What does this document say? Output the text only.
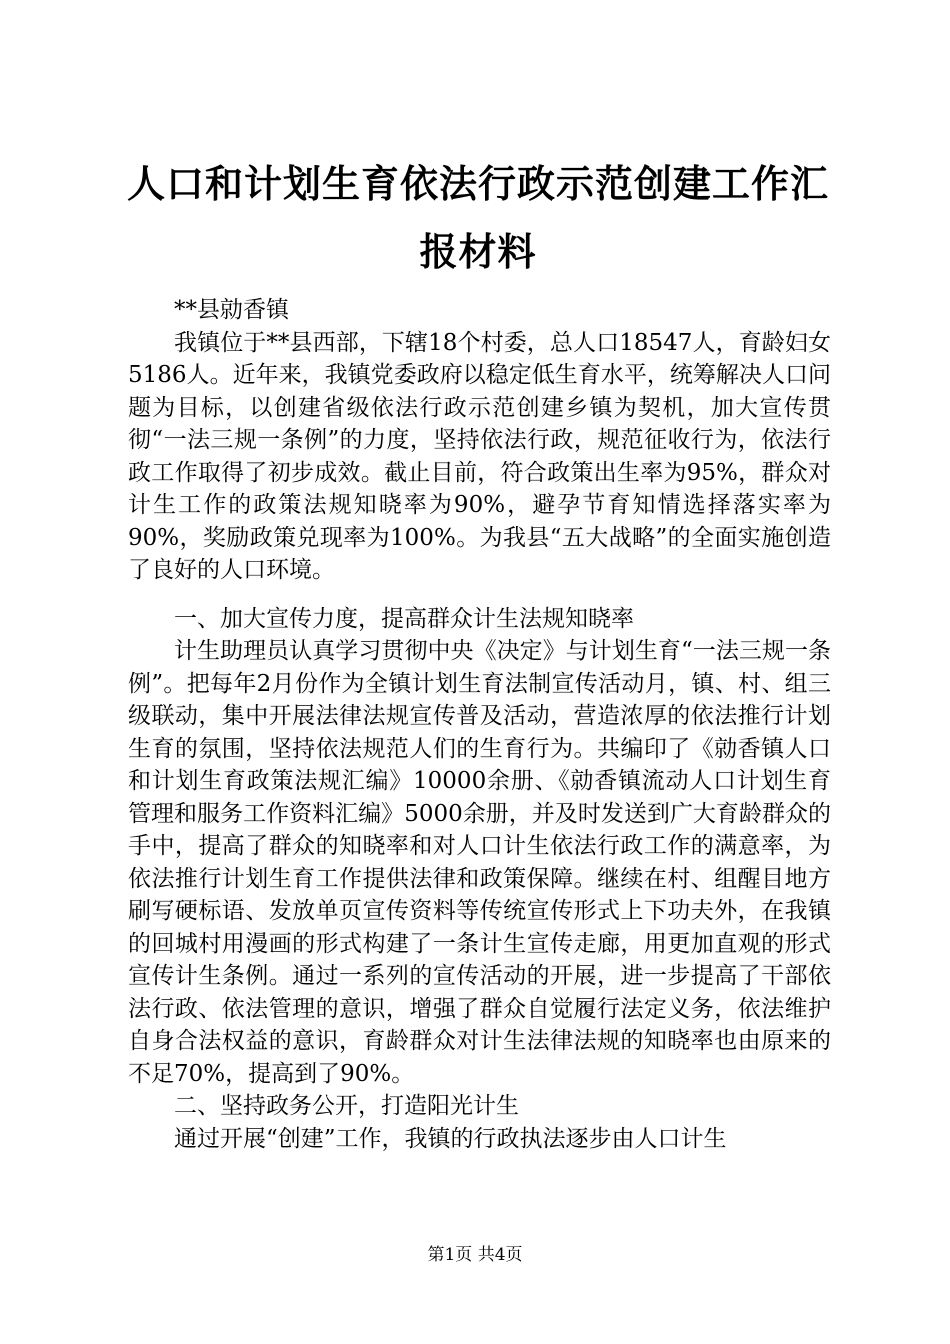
人口和计划生育依法行政示范创建工作汇报材料

**县勍香镇

我镇位于**县西部，下辖18个村委，总人口18547人，育龄妇女5186人。近年来，我镇党委政府以稳定低生育水平，统筹解决人口问题为目标，以创建省级依法行政示范创建乡镇为契机，加大宣传贯彻“一法三规一条例”的力度，坚持依法行政，规范征收行为，依法行政工作取得了初步成效。截止目前，符合政策出生率为95%，群众对计生工作的政策法规知晓率为90%，避孕节育知情选择落实率为90%，奖励政策兑现率为100%。为我县“五大战略”的全面实施创造了良好的人口环境。

一、加大宣传力度，提高群众计生法规知晓率

计生助理员认真学习贯彻中央《决定》与计划生育“一法三规一条例”。把每年2月份作为全镇计划生育法制宣传活动月，镇、村、组三级联动，集中开展法律法规宣传普及活动，营造浓厚的依法推行计划生育的氛围，坚持依法规范人们的生育行为。共编印了《勍香镇人口和计划生育政策法规汇编》10000余册、《勍香镇流动人口计划生育管理和服务工作资料汇编》5000余册，并及时发送到广大育龄群众的手中，提高了群众的知晓率和对人口计生依法行政工作的满意率，为依法推行计划生育工作提供法律和政策保障。继续在村、组醒目地方刷写硬标语、发放单页宣传资料等传统宣传形式上下功夫外，在我镇的回城村用漫画的形式构建了一条计生宣传走廊，用更加直观的形式宣传计生条例。通过一系列的宣传活动的开展，进一步提高了干部依法行政、依法管理的意识，增强了群众自觉履行法定义务，依法维护自身合法权益的意识，育龄群众对计生法律法规的知晓率也由原来的不足70%，提高到了90%。

二、坚持政务公开，打造阳光计生

通过开展“创建”工作，我镇的行政执法逐步由人口计生

第1页 共4页
